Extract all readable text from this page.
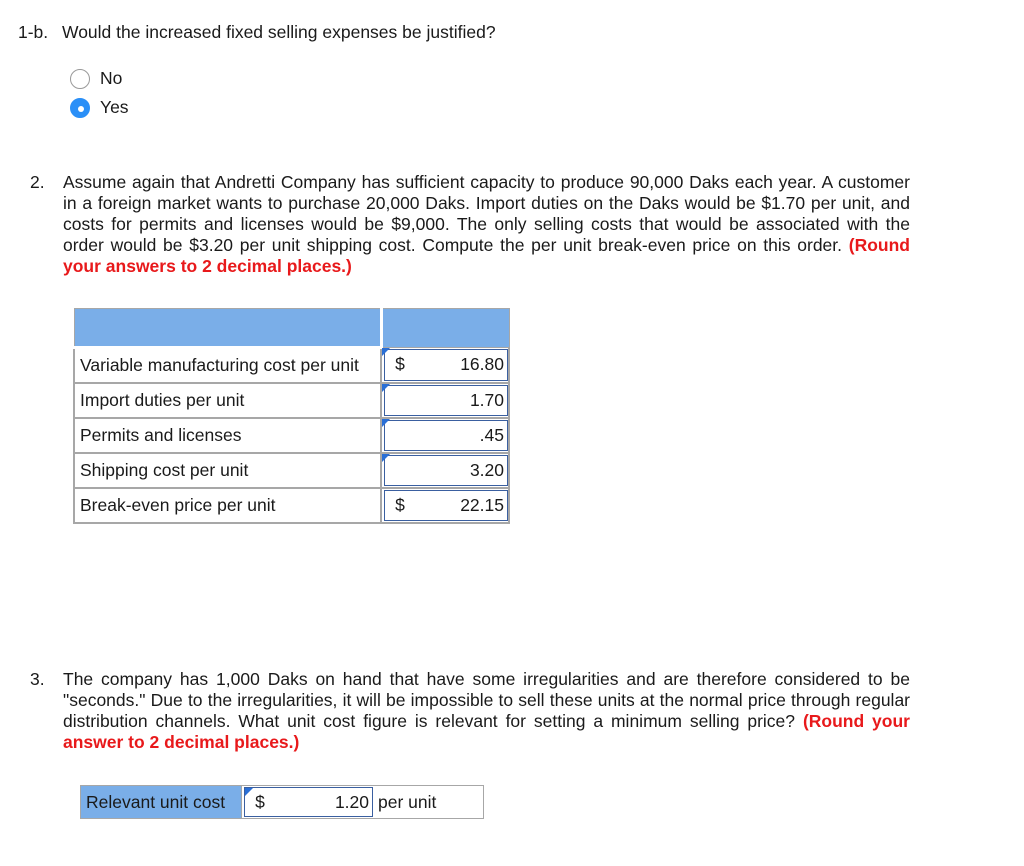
1-b. Would the increased fixed selling expenses be justified?
No
Yes
2. Assume again that Andretti Company has sufficient capacity to produce 90,000 Daks each year. A customer in a foreign market wants to purchase 20,000 Daks. Import duties on the Daks would be $1.70 per unit, and costs for permits and licenses would be $9,000. The only selling costs that would be associated with the order would be $3.20 per unit shipping cost. Compute the per unit break-even price on this order. (Round your answers to 2 decimal places.)

Variable manufacturing cost per unit	$ 16.80

Import duties per unit	1.70

Permits and licenses	.45

Shipping cost per unit	3.20

Break-even price per unit	$ 22.15
3. The company has 1,000 Daks on hand that have some irregularities and are therefore considered to be "seconds." Due to the irregularities, it will be impossible to sell these units at the normal price through regular distribution channels. What unit cost figure is relevant for setting a minimum selling price? (Round your answer to 2 decimal places.)
Relevant unit cost	$	1.20 per unit
